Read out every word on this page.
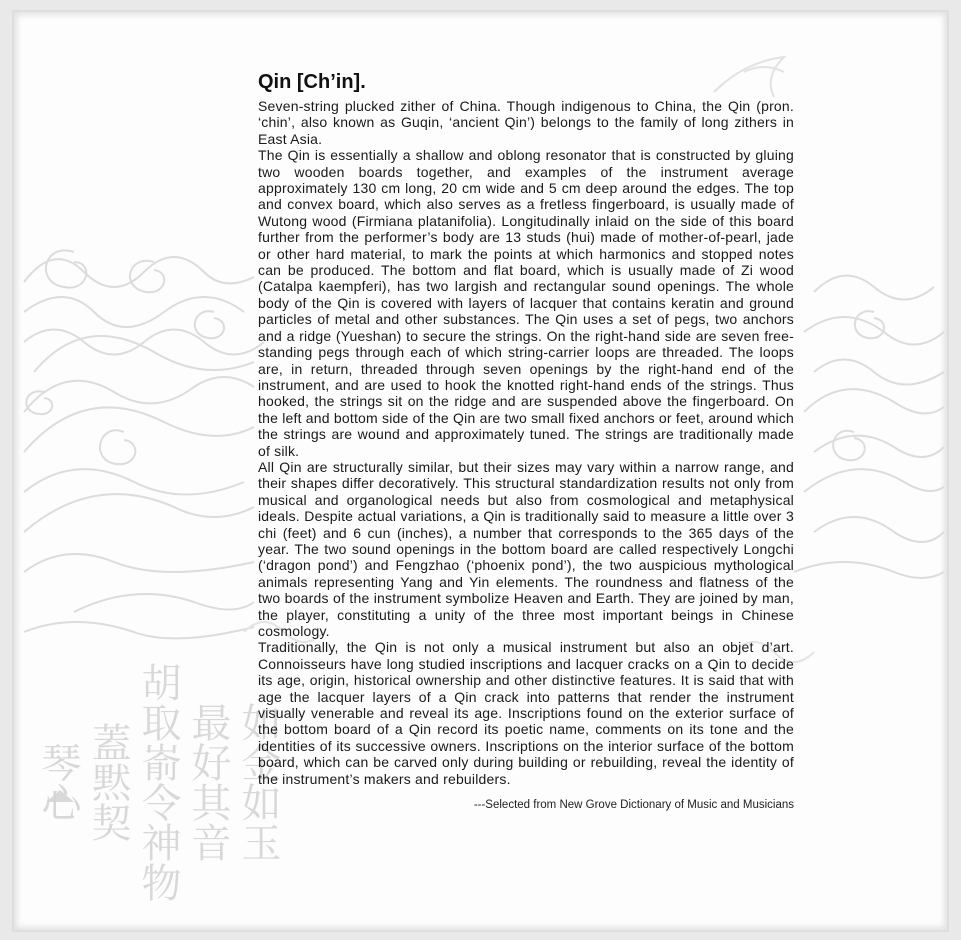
如金如玉
最好其音
胡取嵛令神物
蓋黙契
琴心
Qin [Ch’in].

Seven-string plucked zither of China. Though indigenous to China, the Qin (pron. ‘chin’, also known as Guqin, ‘ancient Qin’) belongs to the family of long zithers in East Asia.

The Qin is essentially a shallow and oblong resonator that is constructed by gluing two wooden boards together, and examples of the instrument average approximately 130 cm long, 20 cm wide and 5 cm deep around the edges. The top and convex board, which also serves as a fretless fingerboard, is usually made of Wutong wood (Firmiana platanifolia). Longitudinally inlaid on the side of this board further from the performer’s body are 13 studs (hui) made of mother-of-pearl, jade or other hard material, to mark the points at which harmonics and stopped notes can be produced. The bottom and flat board, which is usually made of Zi wood (Catalpa kaempferi), has two largish and rectangular sound openings. The whole body of the Qin is covered with layers of lacquer that contains keratin and ground particles of metal and other substances. The Qin uses a set of pegs, two anchors and a ridge (Yueshan) to secure the strings. On the right-hand side are seven free-standing pegs through each of which string-carrier loops are threaded. The loops are, in return, threaded through seven openings by the right-hand end of the instrument, and are used to hook the knotted right-hand ends of the strings. Thus hooked, the strings sit on the ridge and are suspended above the fingerboard. On the left and bottom side of the Qin are two small fixed anchors or feet, around which the strings are wound and approximately tuned. The strings are traditionally made of silk.

All Qin are structurally similar, but their sizes may vary within a narrow range, and their shapes differ decoratively. This structural standardization results not only from musical and organological needs but also from cosmological and metaphysical ideals. Despite actual variations, a Qin is traditionally said to measure a little over 3 chi (feet) and 6 cun (inches), a number that corresponds to the 365 days of the year. The two sound openings in the bottom board are called respectively Longchi (‘dragon pond’) and Fengzhao (‘phoenix pond’), the two auspicious mythological animals representing Yang and Yin elements. The roundness and flatness of the two boards of the instrument symbolize Heaven and Earth. They are joined by man, the player, constituting a unity of the three most important beings in Chinese cosmology.

Traditionally, the Qin is not only a musical instrument but also an objet d’art. Connoisseurs have long studied inscriptions and lacquer cracks on a Qin to decide its age, origin, historical ownership and other distinctive features. It is said that with age the lacquer layers of a Qin crack into patterns that render the instrument visually venerable and reveal its age. Inscriptions found on the exterior surface of the bottom board of a Qin record its poetic name, comments on its tone and the identities of its successive owners. Inscriptions on the interior surface of the bottom board, which can be carved only during building or rebuilding, reveal the identity of the instrument’s makers and rebuilders.

---Selected from New Grove Dictionary of Music and Musicians
